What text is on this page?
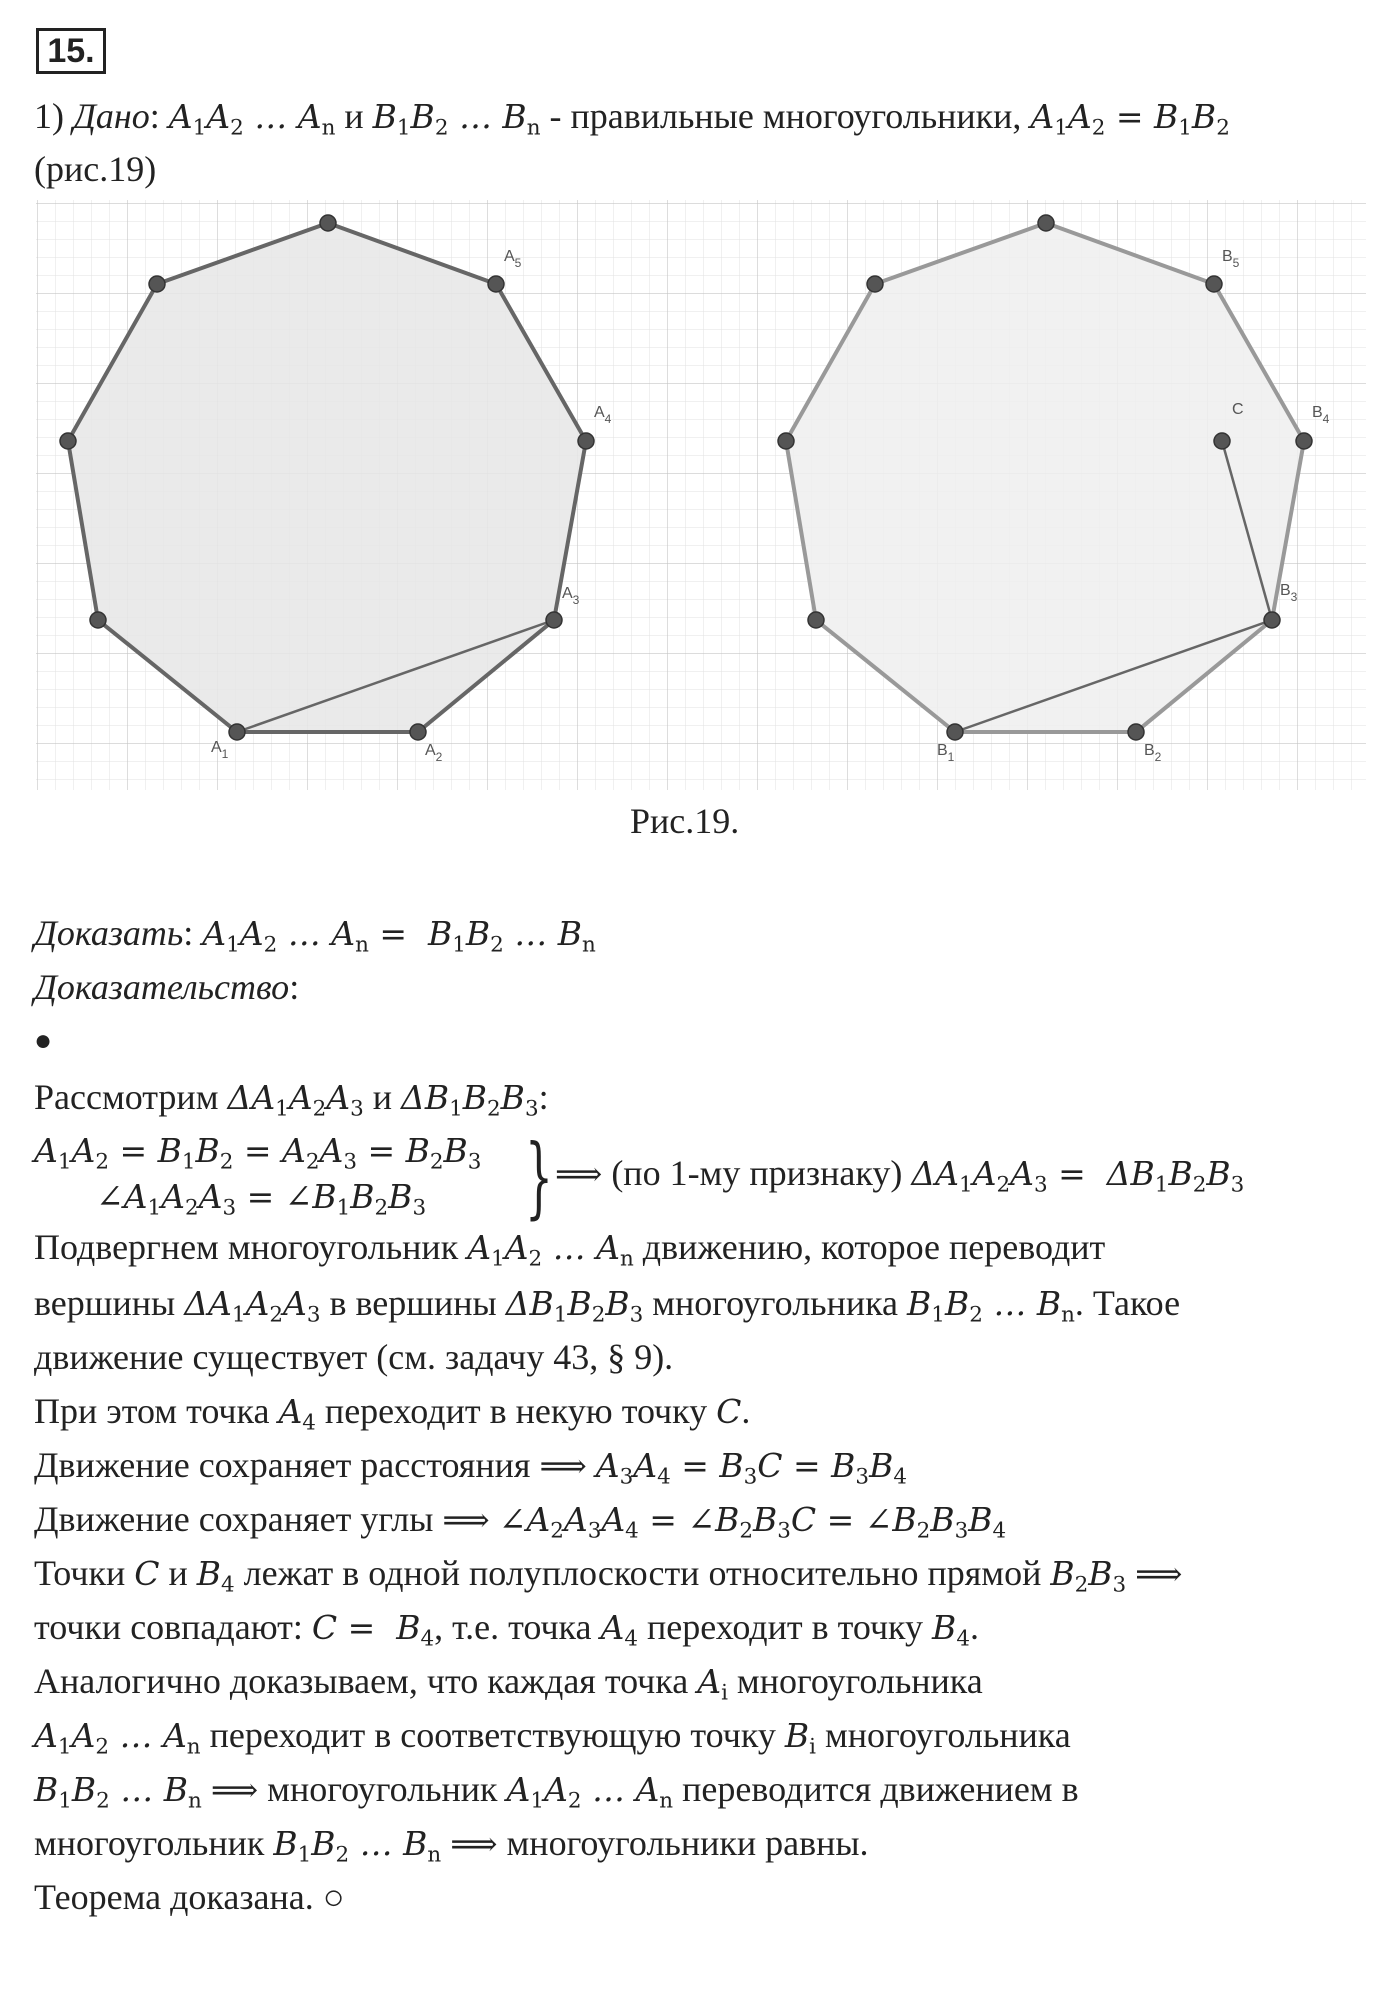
15.
1) Дано: $A_1A_2$ … $A_n$ и $B_1B_2$ … $B_n$ - правильные многоугольники, $A_1A_2 = B_1B_2$
(рис.19)
$A_1$	$A_2$
$A_3$
$A_4$
$A_5$
$B_1$	$B_2$
$B_3$
$B_4$
$B_5$
C
Рис.19.
Доказать: $A_1A_2$ … $A_n = B_1B_2$ … $B_n$
Доказательство:
●
Рассмотрим $\Delta A_1A_2A_3$ и $\Delta B_1B_2B_3$:
$A_1A_2 = B_1B_2 = A_2A_3 = B_2B_3$
$\angle A_1A_2A_3$ = $\angle B_1B_2B_3$ } ⟹ (по 1-му признаку) $\Delta A_1A_2A_3 = \Delta B_1B_2B_3$
Подвергнем многоугольник $A_1A_2$ … $A_n$ движению, которое переводит
вершины $\Delta A_1A_2A_3$ в вершины $\Delta B_1B_2B_3$ многоугольника $B_1B_2$ … $B_n$. Такое
движение существует (см. задачу 43, § 9).
При этом точка $A_4$ переходит в некую точку C.
Движение сохраняет расстояния ⟹ $A_3A_4 = B_3C = B_3B_4$
Движение сохраняет углы ⟹ $\angle A_2A_3A_4$ = $\angle B_2B_3C$ = $\angle B_2B_3B_4$
Точки C и $B_4$ лежат в одной полуплоскости относительно прямой $B_2B_3$ ⟹
точки совпадают: $C = B_4$, т.е. точка $A_4$ переходит в точку $B_4$.
Аналогично доказываем, что каждая точка $A_i$ многоугольника
$A_1A_2$ … $A_n$ переходит в соответствующую точку $B_i$ многоугольника
$B_1B_2$ … $B_n$ ⟹ многоугольник $A_1A_2$ … $A_n$ переводится движением в
многоугольник $B_1B_2$ … $B_n$ ⟹ многоугольники равны.
Теорема доказана. ○
